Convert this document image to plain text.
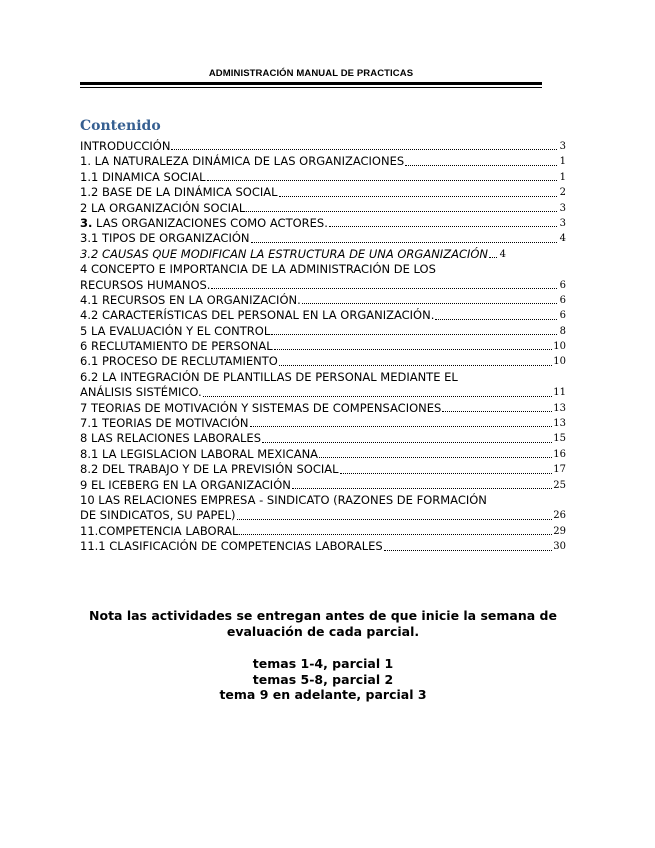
ADMINISTRACIÓN MANUAL DE PRACTICAS
Contenido
INTRODUCCIÓN	3
1. LA NATURALEZA DINÁMICA DE LAS ORGANIZACIONES	1
1.1 DINAMICA SOCIAL	1
1.2 BASE DE LA DINÁMICA SOCIAL	2
2 LA ORGANIZACIÓN SOCIAL	3
3. LAS ORGANIZACIONES COMO ACTORES.	3
3.1 TIPOS DE ORGANIZACIÓN	4
3.2 CAUSAS QUE MODIFICAN LA ESTRUCTURA DE UNA ORGANIZACIÓN 4
4 CONCEPTO E IMPORTANCIA DE LA ADMINISTRACIÓN DE LOS
RECURSOS HUMANOS.	6
4.1 RECURSOS EN LA ORGANIZACIÓN.	6
4.2 CARACTERÍSTICAS DEL PERSONAL EN LA ORGANIZACIÓN.	6
5 LA EVALUACIÓN Y EL CONTROL	8
6 RECLUTAMIENTO DE PERSONAL	10
6.1 PROCESO DE RECLUTAMIENTO	10
6.2 LA INTEGRACIÓN DE PLANTILLAS DE PERSONAL MEDIANTE EL
ANÁLISIS SISTÉMICO.	11
7 TEORIAS DE MOTIVACIÓN Y SISTEMAS DE COMPENSACIONES	13
7.1 TEORIAS DE MOTIVACIÓN	13
8 LAS RELACIONES LABORALES	15
8.1 LA LEGISLACION LABORAL MEXICANA	16
8.2 DEL TRABAJO Y DE LA PREVISIÓN SOCIAL	17
9 EL ICEBERG EN LA ORGANIZACIÓN	25
10 LAS RELACIONES EMPRESA - SINDICATO (RAZONES DE FORMACIÓN
DE SINDICATOS, SU PAPEL)	26
11.COMPETENCIA LABORAL	29
11.1 CLASIFICACIÓN DE COMPETENCIAS LABORALES	30
Nota las actividades se entregan antes de que inicie la semana de evaluación de cada parcial.
temas 1-4, parcial 1
temas 5-8, parcial 2
tema 9 en adelante, parcial 3
